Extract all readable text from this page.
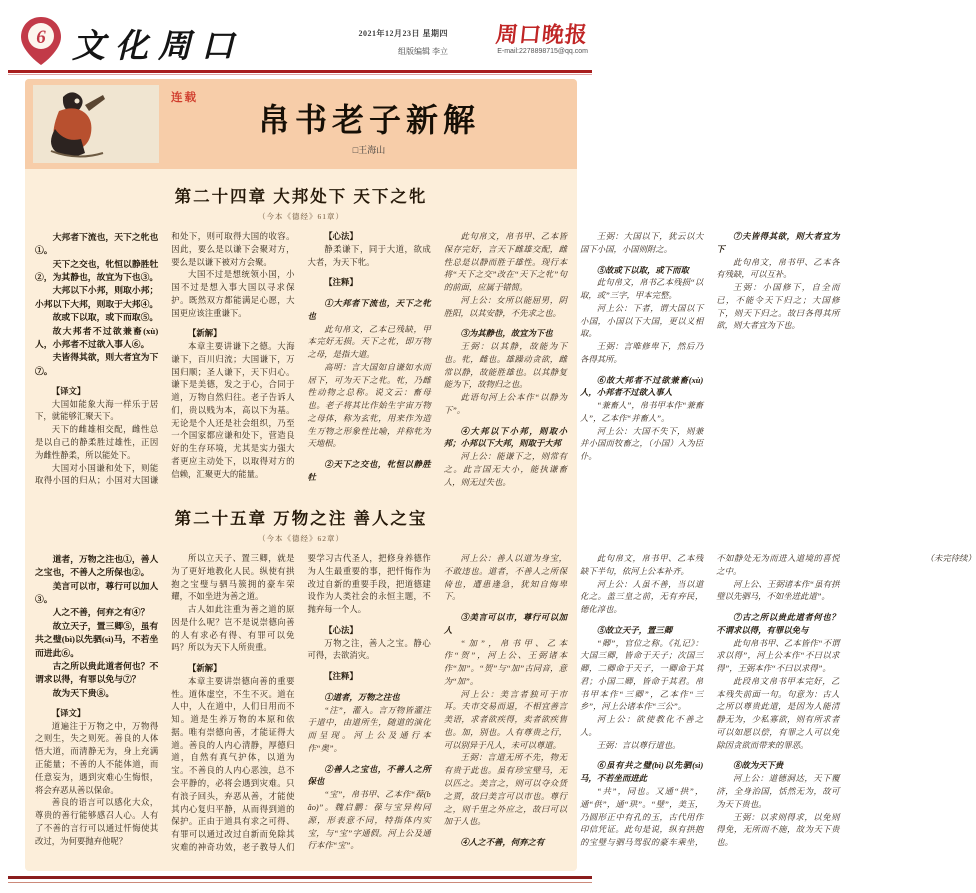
6 文化周口	2021年12月23日 星期四
组版编辑 李立
周口晚报
E-mail:2278898715@qq.com
连载
帛书老子新解
□王海山
第二十四章 大邦处下 天下之牝
（今本《德经》61章）

大邦者下流也，天下之牝也①。

天下之交也，牝恒以静胜牡②，为其静也，故宜为下也③。

大邦以下小邦，则取小邦；小邦以下大邦，则取于大邦④。

故或下以取，或下而取⑤。

故大邦者不过欲兼畜(xù)人，小邦者不过欲入事人⑥。

夫皆得其欲，则大者宜为下⑦。

【译文】

大国如能象大海一样乐于居下，就能够汇聚天下。

天下的雌雄相交配，雌性总是以自己的静柔胜过雄性，正因为雌性静柔，所以能处下。

大国对小国谦和处下，则能取得小国的归从；小国对大国谦和处下，则可取得大国的收容。因此，要么是以谦下会聚对方，要么是以谦下被对方会聚。

大国不过是想统领小国，小国不过是想入事大国以寻求保护。既然双方都能满足心愿，大国更应该注重谦下。

【新解】

本章主要讲谦下之德。大海谦下，百川归流；大国谦下，万国归顺；圣人谦下，天下归心。谦下是美德，发之于心，合同于道，万物自然归往。老子告诉人们，贵以贱为本，高以下为基。无论是个人还是社会组织，乃至一个国家都应谦和处下，营造良好的生存环境，尤其是实力强大者更应主动处下，以取得对方的信赖，汇聚更大的能量。

【心法】

静柔谦下，同于大道，欲成大者，为天下牝。

【注释】

①大邦者下流也，天下之牝也

此句帛文，乙本已残缺，甲本完好无损。天下之牝，即万物之母，是指大道。

高明：言大国如自谦如水而居下，可为天下之牝。牝，乃雌性动物之总称。说文云：畜母也。老子将其比作始生宇宙万物之母体，称为玄牝，用来作为造生万物之形象性比喻，并称牝为天地根。

②天下之交也，牝恒以静胜牡

此句帛文，帛书甲、乙本皆保存完好，言天下雌雄交配，雌性总是以静而胜于雄性。现行本将“天下之交”改在“天下之牝”句的前面，应属于错简。

河上公：女所以能屈男，阴胜阳，以其安静，不先求之也。

③为其静也，故宜为下也

王弼：以其静，故能为下也。牝，雌也。雄躁动贪欲，雌常以静，故能胜雄也。以其静复能为下，故物归之也。

此语句河上公本作“以静为下”。

④大邦以下小邦，则取小邦；小邦以下大邦，则取于大邦

河上公：能谦下之，则常有之。此言国无大小，能执谦畜人，则无过失也。

王弼：大国以下，犹云以大国下小国，小国则附之。

⑤故或下以取，或下而取

此句帛文，帛书乙本残损“以取，或”三字，甲本完整。

河上公：下者，谓大国以下小国，小国以下大国，更以义相取。

王弼：言唯修卑下，然后乃各得其所。

⑥故大邦者不过欲兼畜(xù)人，小邦者不过欲入事人

“兼畜人”，帛书甲本作“兼畜人”，乙本作“并畜人”。

河上公：大国不失下，则兼并小国而牧畜之，（小国）入为臣仆。

⑦夫皆得其欲，则大者宜为下

此句帛文，帛书甲、乙本各有残缺，可以互补。

王弼：小国修下，自全而已，不能令天下归之；大国修下，则天下归之。故曰各得其所欲，则大者宜为下也。

第二十五章 万物之注 善人之宝
（今本《德经》62章）

道者，万物之注也①，善人之宝也，不善人之所保也②。

美言可以市，尊行可以加人③。

人之不善，何弃之有④？

故立天子，置三卿⑤，虽有共之璧(bì)以先驷(sì)马，不若坐而进此⑥。

古之所以贵此道者何也？不谓求以得，有罪以免与⑦？

故为天下贵⑧。

【译文】

道遍注于万物之中，万物得之则生，失之则死。善良的人体悟大道，而清静无为，身上充满正能量；不善的人不能体道，而任意妄为，遇到灾难心生悔恨，将会弃恶从善以保命。

善良的语言可以感化大众，尊贵的善行能够感召人心。人有了不善的言行可以通过忏悔使其改过，为何要抛弃他呢？

所以立天子、置三卿，就是为了更好地教化人民。纵使有拱抱之宝璧与驷马簇拥的豪车荣耀，不如坐进为善之道。

古人如此注重为善之道的原因是什么呢？岂不是说崇德向善的人有求必有得、有罪可以免吗？所以为天下人所贵重。

【新解】

本章主要讲崇德向善的重要性。道体虚空，不生不灭。道在人中，人在道中，人们日用而不知。道是生养万物的本原和依据。唯有崇德向善，才能证得大道。善良的人内心清静，厚德归道，自然有真气护体，以道为宝。不善良的人内心恶浊，总不会平静的，必将会遇到灾难。只有浪子回头，弃恶从善，才能使其内心复归平静，从而得到道的保护。正由于道具有求之可得、有罪可以通过改过自新而免除其灾难的神奇功效，老子教导人们要学习古代圣人，把修身养德作为人生最重要的事，把忏悔作为改过自新的重要手段，把道德建设作为人类社会的永恒主题，不抛弃每一个人。

【心法】

万物之注，善人之宝。静心可得，去欲消灾。

【注释】

①道者，万物之注也

“注”，灌入。言万物皆灌注于道中，由道所生，随道的演化而呈现。河上公及通行本作“奥”。

②善人之宝也，不善人之所保也

“宝”，帛书甲、乙本作“葆(bǎo)”。魏启鹏：葆与宝异构同源，形表意不同，特指体内实宝，与“宝”字通假。河上公及通行本作“宝”。

河上公：善人以道为身宝，不敢违也。道者，不善人之所保倚也，遭患逢急，犹知自悔卑下。

③美言可以市，尊行可以加人

“加”，帛书甲、乙本作“贺”，河上公、王弼诸本作“加”。“贺”与“加”古同音，意为“加”。

河上公：美言者独可于市耳。夫市交易而退，不相宜善言美语，求者欲疾得，卖者欲疾售也。加，别也。人有尊贵之行，可以别异于凡人，未可以尊道。

王弼：言道无所不先，物无有贵于此也。虽有珍宝璧马，无以匹之。美言之，则可以夺众货之贾，故曰美言可以市也。尊行之，则千里之外应之，故曰可以加于人也。

④人之不善，何弃之有

此句帛文，帛书甲、乙本残缺下半句，依河上公本补齐。

河上公：人虽不善，当以道化之。盖三皇之前，无有弃民，德化淳也。

⑤故立天子，置三卿

“卿”，官位之称。《礼记》：大国三卿，皆命于天子；次国三卿，二卿命于天子，一卿命于其君；小国二卿，皆命于其君。帛书甲本作“三卿”，乙本作“三乡”，河上公诸本作“三公”。

河上公：欲使教化不善之人。

王弼：言以尊行道也。

⑥虽有共之璧(bì)以先驷(sì)马，不若坐而进此

“共”，同也。又通“拱”，通“供”，通“珙”。“璧”，美玉，乃圆形正中有孔的玉，古代用作印信凭证。此句是说，纵有拱抱的宝璧与驷马驾驭的豪车乘坐，不如静处无为而进入道境的喜悦之中。

河上公、王弼诸本作“虽有拱璧以先驷马，不如坐进此道”。

⑦古之所以贵此道者何也？不谓求以得，有罪以免与

此句帛书甲、乙本皆作“不谓求以得”，河上公本作“不曰以求得”，王弼本作“不曰以求得”。

此段帛文帛书甲本完好，乙本残失前面一句。句意为：古人之所以尊贵此道，是因为人能清静无为，少私寡欲，则有所求者可以如愿以偿，有罪之人可以免除因贪欲而带来的罪恶。

⑧故为天下贵

河上公：道德洞达，天下覆济，全身治国，恬然无为，故可为天下贵也。

王弼：以求则得求，以免则得免，无所而不施，故为天下贵也。

（未完待续）
